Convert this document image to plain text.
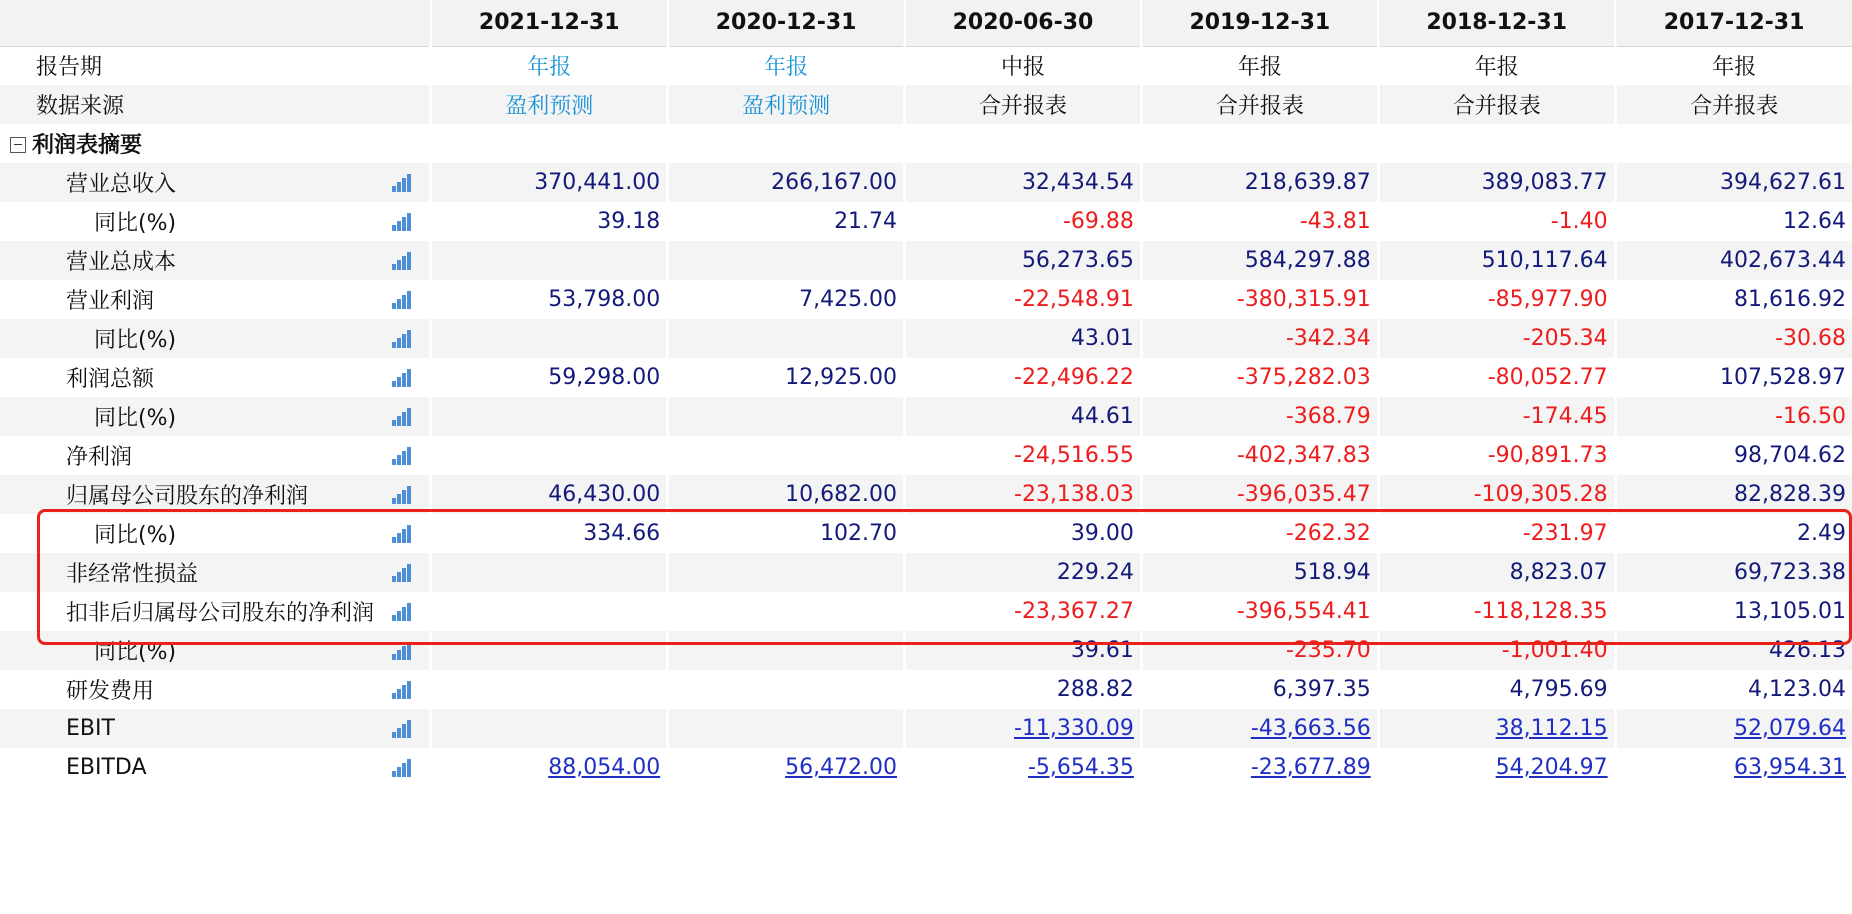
		2021-12-31	2020-12-31	2020-06-30	2019-12-31	2018-12-31	2017-12-31
报告期		年报	年报	中报	年报	年报	年报
数据来源		盈利预测	盈利预测	合并报表	合并报表	合并报表	合并报表
利润表摘要							
营业总收入		370,441.00	266,167.00	32,434.54	218,639.87	389,083.77	394,627.61
同比(%)		39.18	21.74	-69.88	-43.81	-1.40	12.64
营业总成本				56,273.65	584,297.88	510,117.64	402,673.44
营业利润		53,798.00	7,425.00	-22,548.91	-380,315.91	-85,977.90	81,616.92
同比(%)				43.01	-342.34	-205.34	-30.68
利润总额		59,298.00	12,925.00	-22,496.22	-375,282.03	-80,052.77	107,528.97
同比(%)				44.61	-368.79	-174.45	-16.50
净利润				-24,516.55	-402,347.83	-90,891.73	98,704.62
归属母公司股东的净利润		46,430.00	10,682.00	-23,138.03	-396,035.47	-109,305.28	82,828.39
同比(%)		334.66	102.70	39.00	-262.32	-231.97	2.49
非经常性损益				229.24	518.94	8,823.07	69,723.38
扣非后归属母公司股东的净利润				-23,367.27	-396,554.41	-118,128.35	13,105.01
同比(%)				39.61	-235.70	-1,001.40	426.13
研发费用				288.82	6,397.35	4,795.69	4,123.04
EBIT				-11,330.09	-43,663.56	38,112.15	52,079.64
EBITDA		88,054.00	56,472.00	-5,654.35	-23,677.89	54,204.97	63,954.31
